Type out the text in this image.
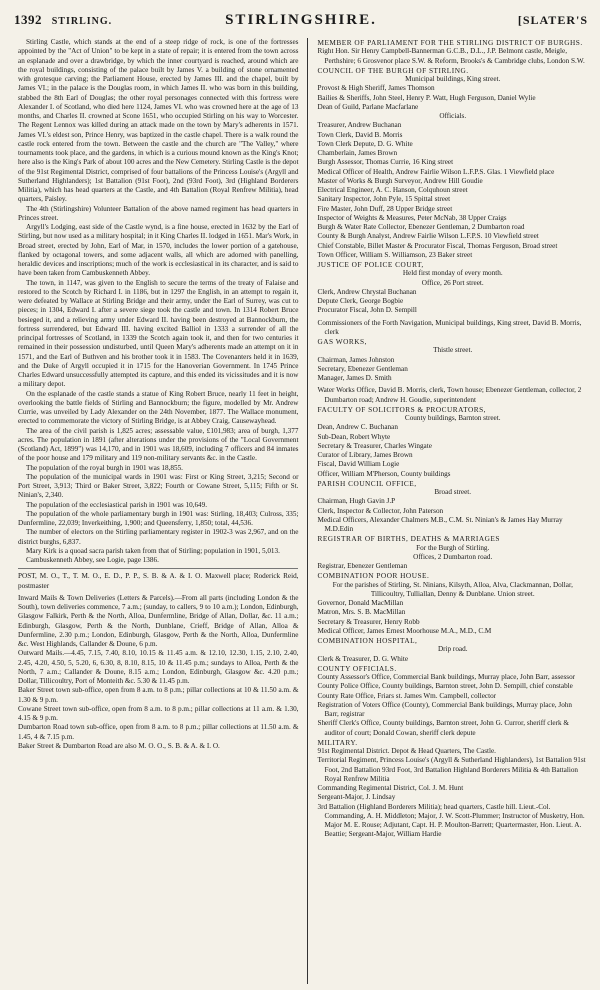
1392 STIRLING.	STIRLINGSHIRE.	[SLATER'S

Stirling Castle, which stands at the end of a steep ridge of rock, is one of the fortresses appointed by the "Act of Union" to be kept in a state of repair; it is entered from the town across an esplanade and over a drawbridge, by which the inner courtyard is reached, around which are the royal buildings, consisting of the palace built by James V. a building of stone ornamented with grotesque carving; the Parliament House, erected by James III. and the chapel, built by James VI.; in the palace is the Douglas room, in which James II. who was born in this building, stabbed the 8th Earl of Douglas; the other royal personages connected with this fortress were Alexander I. of Scotland, who died here 1124, James VI. who was crowned here at the age of 13 months, and Charles II. crowned at Scone 1651, who occupied Stirling on his way to Worcester. The Regent Lennox was killed during an attack made on the town by Mary's adherents in 1571. James VI.'s eldest son, Prince Henry, was baptized in the castle chapel. There is a walk round the castle rock entered from the town. Between the castle and the church are "The Valley," where tournaments took place, and the gardens, in which is a curious mound known as the King's Knot; here also is the King's Park of about 100 acres and the New Cemetery. Stirling Castle is the depot of the 91st Regimental District, comprised of four battalions of the Princess Louise's (Argyll and Sutherland Highlanders); 1st Battalion (91st Foot), 2nd (93rd Foot), 3rd (Highland Borderers Militia), which has head quarters at the Castle, and 4th Battalion (Royal Renfrew Militia), head quarters, Paisley.

The 4th (Stirlingshire) Volunteer Battalion of the above named regiment has head quarters in Princes street.

Argyll's Lodging, east side of the Castle wynd, is a fine house, erected in 1632 by the Earl of Stirling, but now used as a military hospital; in it King Charles II. lodged in 1651. Mar's Work, in Broad street, erected by John, Earl of Mar, in 1570, includes the lower portion of a gatehouse, flanked by octagonal towers, and some adjacent walls, all which are adorned with panelling, heraldic devices and inscriptions; much of the work is ecclesiastical in its character, and is said to have been taken from Cambuskenneth Abbey.

The town, in 1147, was given to the English to secure the terms of the treaty of Falaise and restored to the Scotch by Richard I. in 1186, but in 1297 the English, in an attempt to regain it, were defeated by Wallace at Stirling Bridge and their army, under the Earl of Surrey, was cut to pieces; in 1304, Edward I. after a severe siege took the castle and town. In 1314 Robert Bruce besieged it, and a relieving army under Edward II. having been destroyed at Bannockburn, the fortress surrendered, but Edward III. having excited Balliol in 1333 a surrender of all the principal fortresses of Scotland, in 1339 the Scotch again took it, and then for two centuries it remained in their possession undisturbed, until Queen Mary's adherents made an attempt on it in 1571, and the Earl of Buthven and his brother took it in 1583. The Covenanters held it in 1639, and the Duke of Argyll occupied it in 1715 for the Hanoverian Government. In 1745 Prince Charles Edward unsuccessfully attempted its capture, and this ended its vicissitudes and it is now a military depot.

On the esplanade of the castle stands a statue of King Robert Bruce, nearly 11 feet in height, overlooking the battle fields of Stirling and Bannockburn; the figure, modelled by Mr. Andrew Currie, was unveiled by Lady Alexander on the 24th November, 1877. The Wallace monument, erected to commemorate the victory of Stirling Bridge, is at Abbey Craig, Causewayhead.

The area of the civil parish is 1,825 acres; assessable value, £101,983; area of burgh, 1,377 acres. The population in 1891 (after alterations under the provisions of the "Local Government (Scotland) Act, 1899") was 14,170, and in 1901 was 18,609, including 7 officers and 84 inmates of the poor house and 179 military and 119 non-military servants &c. in the Castle.

The population of the royal burgh in 1901 was 18,855.

The population of the municipal wards in 1901 was: First or King Street, 3,215; Second or Port Street, 3,913; Third or Baker Street, 3,822; Fourth or Cowane Street, 5,115; Fifth or St. Ninian's, 2,340.

The population of the ecclesiastical parish in 1901 was 10,649.

The population of the whole parliamentary burgh in 1901 was: Stirling, 18,403; Culross, 335; Dunfermline, 22,039; Inverkeithing, 1,900; and Queensferry, 1,850; total, 44,536.

The number of electors on the Stirling parliamentary register in 1902-3 was 2,967, and on the district burghs, 6,837.

Mary Kirk is a quoad sacra parish taken from that of Stirling; population in 1901, 5,013.

Cambuskenneth Abbey, see Logie, page 1386.

POST, M. O., T., T. M. O., E. D., P. P., S. B. & A. & I. O. Maxwell place; Roderick Reid, postmaster

Inward Mails & Town Deliveries (Letters & Parcels).—From all parts (including London & the South), town deliveries commence, 7 a.m.; (sunday, to callers, 9 to 10 a.m.); London, Edinburgh, Glasgow Falkirk, Perth & the North, Alloa, Dunfermline, Bridge of Allan, Dollar, &c. 11 a.m.; Edinburgh, Glasgow, Perth & the North, Dunblane, Crieff, Bridge of Allan, Alloa & Dunfermline, 2.30 p.m.; London, Edinburgh, Glasgow, Perth & the North, Alloa, Dunfermline &c. West Highlands, Callander & Doune, 6 p.m.

Outward Mails.—4.45, 7.15, 7.40, 8.10, 10.15 & 11.45 a.m. & 12.10, 12.30, 1.15, 2.10, 2.40, 2.45, 4.20, 4.50, 5, 5.20, 6, 6.30, 8, 8.10, 8.15, 10 & 11.45 p.m.; sundays to Alloa, Perth & the North, 7 a.m.; Callander & Doune, 8.15 a.m.; London, Edinburgh, Glasgow &c. 4.20 p.m.; Dollar, Tillicoultry, Port of Monteith &c. 5.30 & 11.45 p.m.

Baker Street town sub-office, open from 8 a.m. to 8 p.m.; pillar collections at 10 & 11.50 a.m. & 1.30 & 9 p.m.

Cowane Street town sub-office, open from 8 a.m. to 8 p.m.; pillar collections at 11 a.m. & 1.30, 4.15 & 9 p.m.

Dumbarton Road town sub-office, open from 8 a.m. to 8 p.m.; pillar collections at 11.50 a.m. & 1.45, 4 & 7.15 p.m.

Baker Street & Dumbarton Road are also M. O. O., S. B. & A. & I. O.

MEMBER OF PARLIAMENT FOR THE STIRLING DISTRICT OF BURGHS.

Right Hon. Sir Henry Campbell-Bannerman G.C.B., D.L., J.P. Belmont castle, Meigle, Perthshire; 6 Grosvenor place S.W. & Reform, Brooks's & Cambridge clubs, London S.W.

COUNCIL OF THE BURGH OF STIRLING.

Municipal buildings, King street.

Provost & High Sheriff, James Thomson

Bailies & Sheriffs, John Steel, Henry P. Watt, Hugh Ferguson, Daniel Wylie

Dean of Guild, Parlane Macfarlane

Officials.

Treasurer, Andrew Buchanan

Town Clerk, David B. Morris

Town Clerk Depute, D. G. White

Chamberlain, James Brown

Burgh Assessor, Thomas Currie, 16 King street

Medical Officer of Health, Andrew Fairlie Wilson L.F.P.S. Glas. 1 Viewfield place

Master of Works & Burgh Surveyor, Andrew Hill Goudie

Electrical Engineer, A. C. Hanson, Colquhoun street

Sanitary Inspector, John Pyle, 15 Spittal street

Fire Master, John Duff, 28 Upper Bridge street

Inspector of Weights & Measures, Peter McNab, 38 Upper Craigs

Burgh & Water Rate Collector, Ebenezer Gentleman, 2 Dumbarton road

County & Burgh Analyst, Andrew Fairlie Wilson L.F.P.S. 10 Viewfield street

Chief Constable, Billet Master & Procurator Fiscal, Thomas Ferguson, Broad street

Town Officer, William S. Williamson, 23 Baker street

JUSTICE OF POLICE COURT,

Held first monday of every month.

Office, 26 Port street.

Clerk, Andrew Chrystal Buchanan

Depute Clerk, George Bogbie

Procurator Fiscal, John D. Sempill

Commissioners of the Forth Navigation, Municipal buildings, King street, David B. Morris, clerk

GAS WORKS,

Thistle street.

Chairman, James Johnston

Secretary, Ebenezer Gentleman

Manager, James D. Smith

Water Works Office, David B. Morris, clerk, Town house; Ebenezer Gentleman, collector, 2 Dumbarton road; Andrew H. Goudie, superintendent

FACULTY OF SOLICITORS & PROCURATORS,

County buildings, Barnton street.

Dean, Andrew C. Buchanan

Sub-Dean, Robert Whyte

Secretary & Treasurer, Charles Wingate

Curator of Library, James Brown

Fiscal, David William Logie

Officer, William M'Pherson, County buildings

PARISH COUNCIL OFFICE,

Broad street.

Chairman, Hugh Gavin J.P

Clerk, Inspector & Collector, John Paterson

Medical Officers, Alexander Chalmers M.B., C.M. St. Ninian's & James Hay Murray M.D.Edin

REGISTRAR OF BIRTHS, DEATHS & MARRIAGES

For the Burgh of Stirling.

Offices, 2 Dumbarton road.

Registrar, Ebenezer Gentleman

COMBINATION POOR HOUSE.

For the parishes of Stirling, St. Ninians, Kilsyth, Alloa, Alva, Clackmannan, Dollar, Tillicoultry, Tulliallan, Denny & Dunblane. Union street.

Governor, Donald MacMillan

Matron, Mrs. S. B. MacMillan

Secretary & Treasurer, Henry Robb

Medical Officer, James Ernest Moorhouse M.A., M.D., C.M

COMBINATION HOSPITAL,

Drip road.

Clerk & Treasurer, D. G. White

COUNTY OFFICIALS.

County Assessor's Office, Commercial Bank buildings, Murray place, John Barr, assessor

County Police Office, County buildings, Barnton street, John D. Sempill, chief constable

County Rate Office, Friars st. James Wm. Campbell, collector

Registration of Voters Office (County), Commercial Bank buildings, Murray place, John Barr, registrar

Sheriff Clerk's Office, County buildings, Barnton street, John G. Curror, sheriff clerk & auditor of court; Donald Cowan, sheriff clerk depute

MILITARY.

91st Regimental District. Depot & Head Quarters, The Castle.

Territorial Regiment, Princess Louise's (Argyll & Sutherland Highlanders), 1st Battalion 91st Foot, 2nd Battalion 93rd Foot, 3rd Battalion Highland Borderers Militia & 4th Battalion Royal Renfrew Militia

Commanding Regimental District, Col. J. M. Hunt

Sergeant-Major, J. Lindsay

3rd Battalion (Highland Borderers Militia); head quarters, Castle hill. Lieut.-Col. Commanding, A. H. Middleton; Major, J. W. Scott-Plummer; Instructor of Musketry, Hon. Major M. E. Rouse; Adjutant, Capt. H. P. Moulton-Barrett; Quartermaster, Hon. Lieut. A. Beattie; Sergeant-Major, William Hardie
